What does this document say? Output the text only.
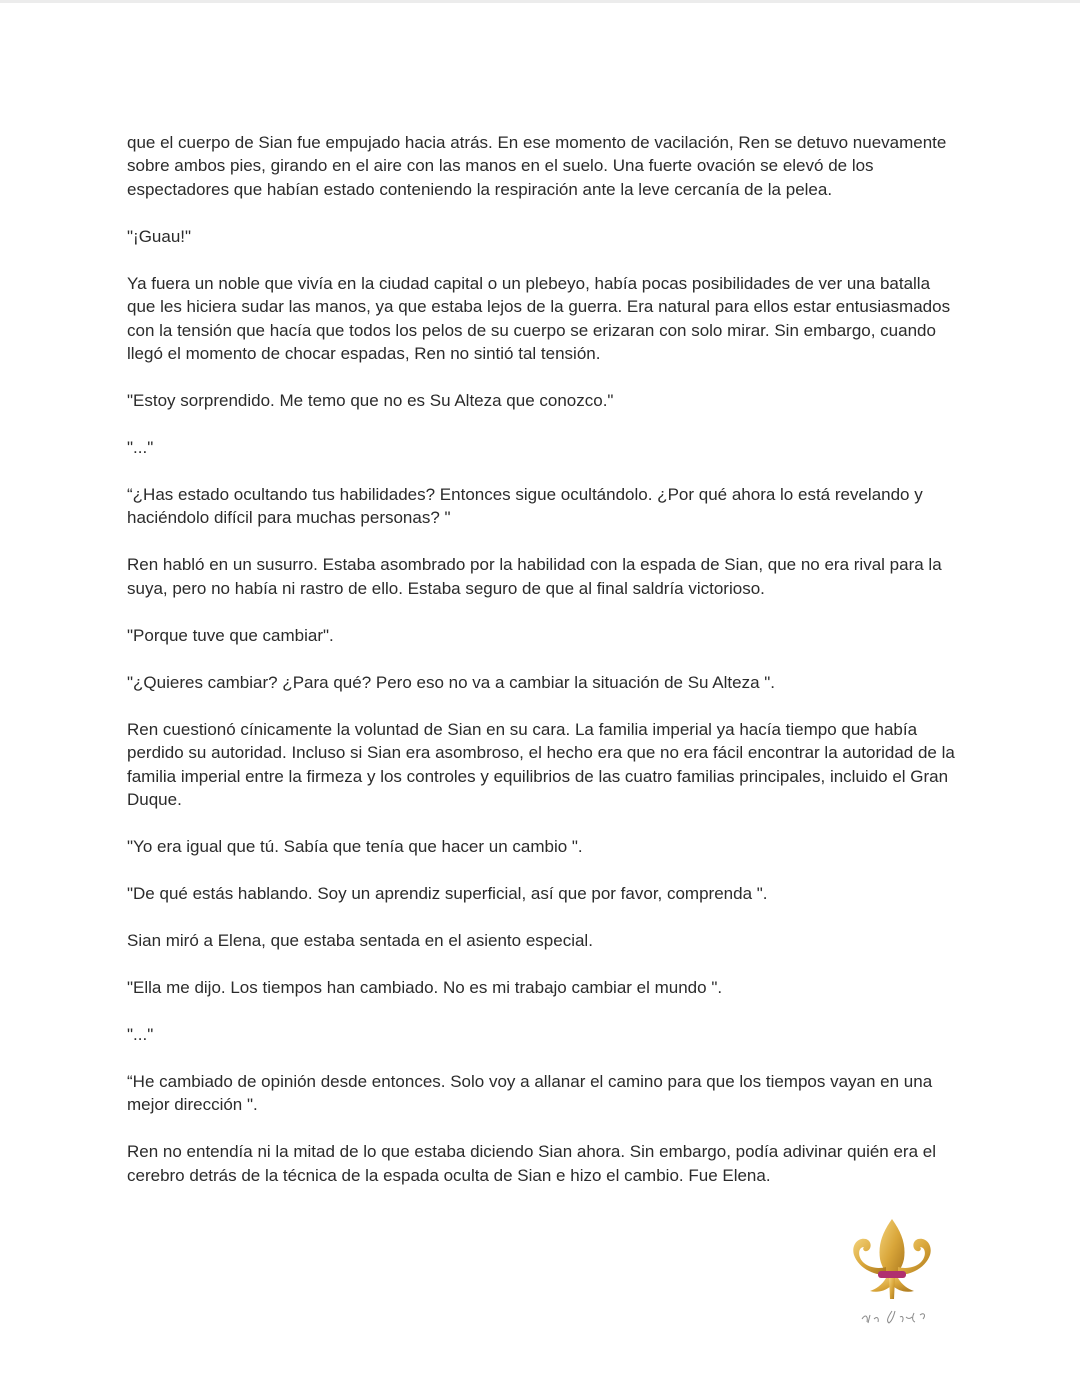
que el cuerpo de Sian fue empujado hacia atrás. En ese momento de vacilación, Ren se detuvo nuevamente sobre ambos pies, girando en el aire con las manos en el suelo. Una fuerte ovación se elevó de los espectadores que habían estado conteniendo la respiración ante la leve cercanía de la pelea.

"¡Guau!"

Ya fuera un noble que vivía en la ciudad capital o un plebeyo, había pocas posibilidades de ver una batalla que les hiciera sudar las manos, ya que estaba lejos de la guerra. Era natural para ellos estar entusiasmados con la tensión que hacía que todos los pelos de su cuerpo se erizaran con solo mirar. Sin embargo, cuando llegó el momento de chocar espadas, Ren no sintió tal tensión.

"Estoy sorprendido. Me temo que no es Su Alteza que conozco."

"..."

“¿Has estado ocultando tus habilidades? Entonces sigue ocultándolo. ¿Por qué ahora lo está revelando y haciéndolo difícil para muchas personas? "

Ren habló en un susurro. Estaba asombrado por la habilidad con la espada de Sian, que no era rival para la suya, pero no había ni rastro de ello. Estaba seguro de que al final saldría victorioso.

"Porque tuve que cambiar".

"¿Quieres cambiar? ¿Para qué? Pero eso no va a cambiar la situación de Su Alteza ".

Ren cuestionó cínicamente la voluntad de Sian en su cara. La familia imperial ya hacía tiempo que había perdido su autoridad. Incluso si Sian era asombroso, el hecho era que no era fácil encontrar la autoridad de la familia imperial entre la firmeza y los controles y equilibrios de las cuatro familias principales, incluido el Gran Duque.

"Yo era igual que tú. Sabía que tenía que hacer un cambio ".

"De qué estás hablando. Soy un aprendiz superficial, así que por favor, comprenda ".

Sian miró a Elena, que estaba sentada en el asiento especial.

"Ella me dijo. Los tiempos han cambiado. No es mi trabajo cambiar el mundo ".

"..."

“He cambiado de opinión desde entonces. Solo voy a allanar el camino para que los tiempos vayan en una mejor dirección ".

Ren no entendía ni la mitad de lo que estaba diciendo Sian ahora. Sin embargo, podía adivinar quién era el cerebro detrás de la técnica de la espada oculta de Sian e hizo el cambio. Fue Elena.
